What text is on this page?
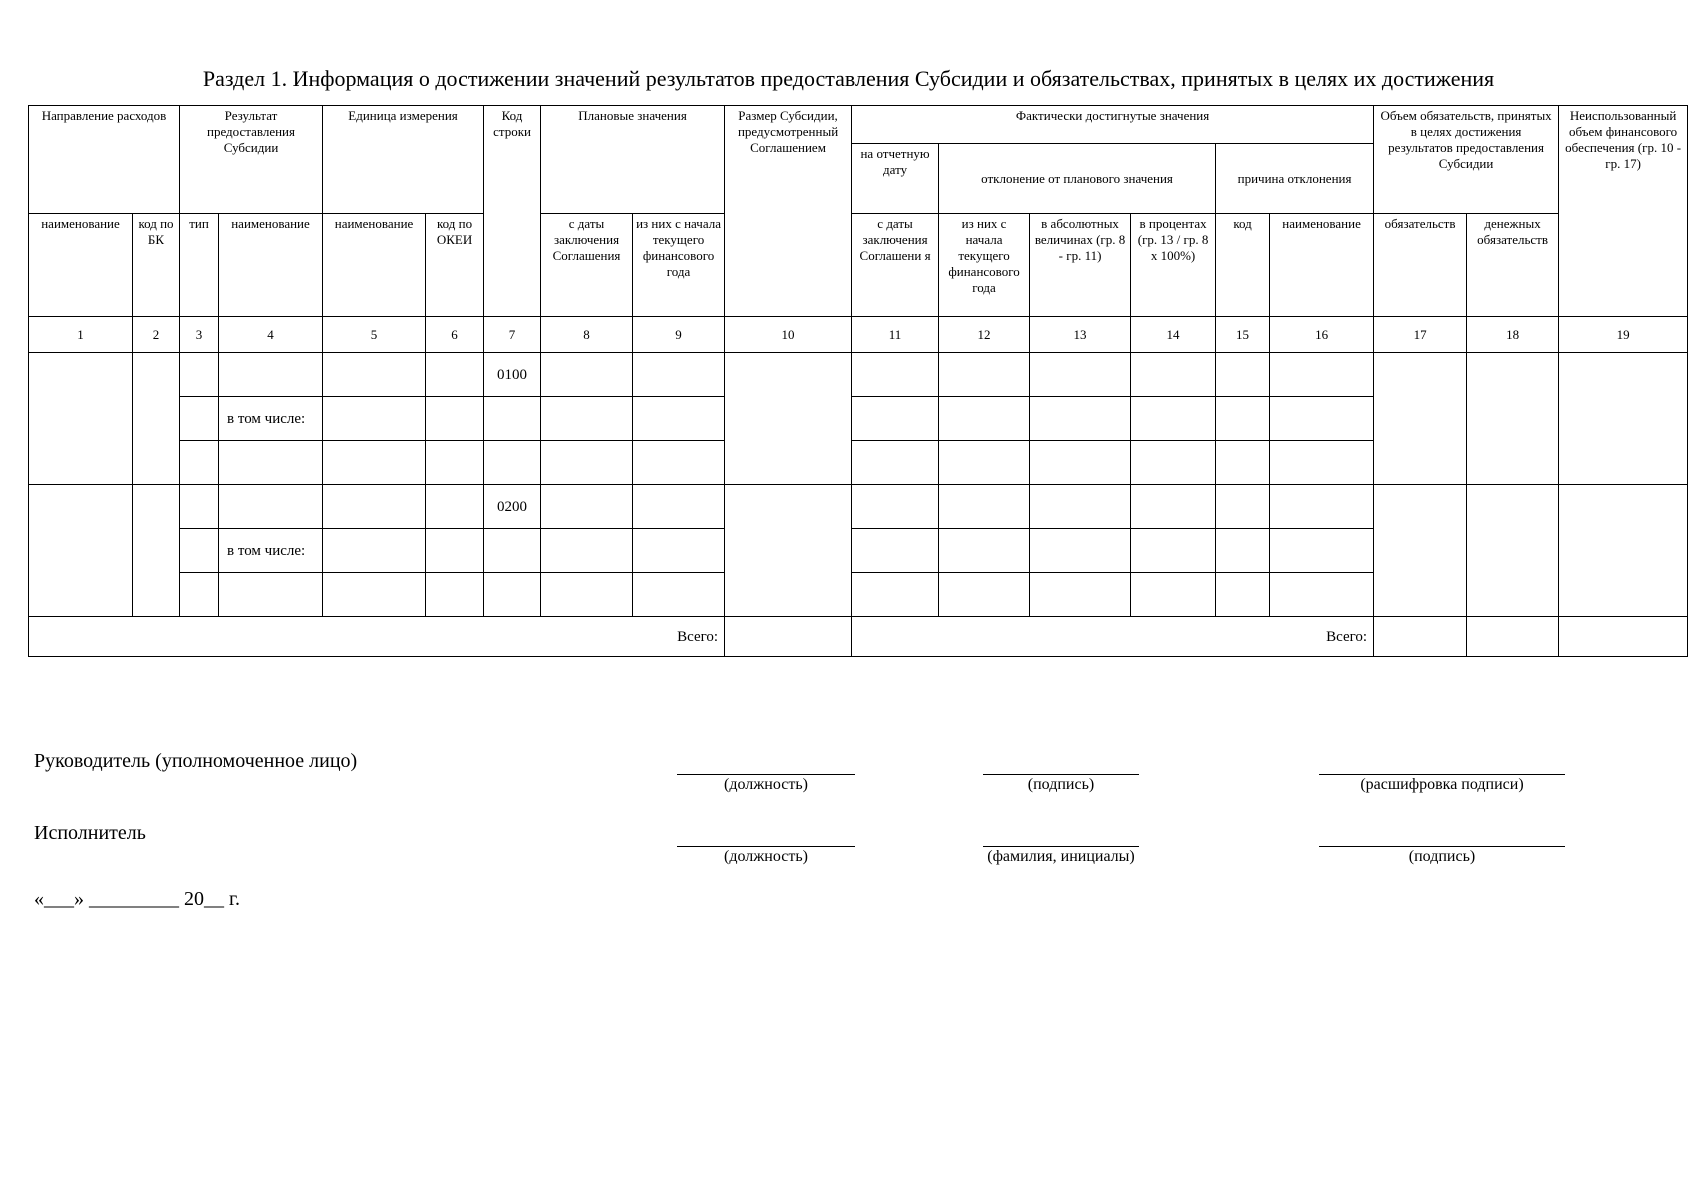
Раздел 1. Информация о достижении значений результатов предоставления Субсидии и обязательствах, принятых в целях их достижения
Направление расходов		Результат предоставления Субсидии		Единица измерения		Код строки	Плановые значения		Размер Субсидии, предусмотренный Соглашением	Фактически достигнутые значения						Объем обязательств, принятых в целях достижения результатов предоставления Субсидии		Неиспользованный объем финансового обеспечения (гр. 10 - гр. 17)
										на отчетную дату	отклонение от планового значения			причина отклонения				
наименование	код по БК	тип	наименование	наименование	код по ОКЕИ		с даты заключения Соглашения	из них с начала текущего финансового года		с даты заключения Соглашени я	из них с начала текущего финансового года	в абсолютных величинах (гр. 8 - гр. 11)	в процентах (гр. 13 / гр. 8 х 100%)	код	наименование	обязательств	денежных обязательств	
1	2	3	4	5	6	7	8	9	10	11	12	13	14	15	16	17	18	19
						0100												
			в том числе:															

						0200												
			в том числе:															

Всего:										Всего:								
Руководитель (уполномоченное лицо)
(должность)	(подпись)	(расшифровка подписи)
Исполнитель
(должность)	(фамилия, инициалы)	(подпись)
«___» _________ 20__ г.
